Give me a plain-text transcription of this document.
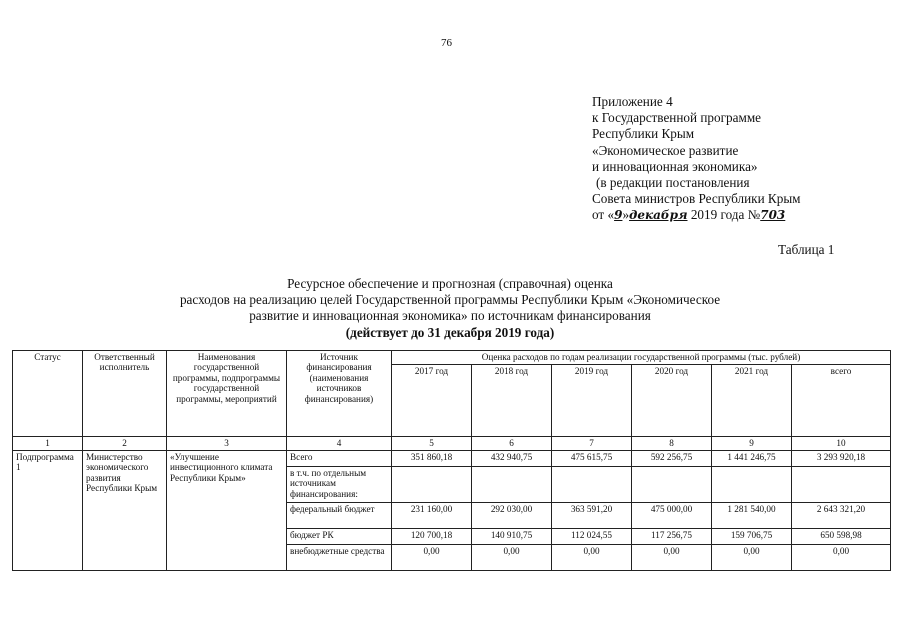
76
Приложение 4
к Государственной программе
Республики Крым
«Экономическое развитие
и инновационная экономика»
(в редакции постановления
Совета министров Республики Крым
от «9»декабря 2019 года №703
Таблица 1
Ресурсное обеспечение и прогнозная (справочная) оценка
расходов на реализацию целей Государственной программы Республики Крым «Экономическое
развитие и инновационная экономика» по источникам финансирования
(действует до 31 декабря 2019 года)
Статус	Ответственный исполнитель	Наименования государственной программы, подпрограммы государственной программы, мероприятий	Источник финансирования (наименования источников финансирования)	Оценка расходов по годам реализации государственной программы (тыс. рублей)					
				2017 год	2018 год	2019 год	2020 год	2021 год	всего
1	2	3	4	5	6	7	8	9	10
Подпрограмма 1	Министерство экономического развития Республики Крым	«Улучшение инвестиционного климата Республики Крым»	Всего	351 860,18	432 940,75	475 615,75	592 256,75	1 441 246,75	3 293 920,18
			в т.ч. по отдельным источникам финансирования:						
			федеральный бюджет	231 160,00	292 030,00	363 591,20	475 000,00	1 281 540,00	2 643 321,20
			бюджет РК	120 700,18	140 910,75	112 024,55	117 256,75	159 706,75	650 598,98
			внебюджетные средства	0,00	0,00	0,00	0,00	0,00	0,00
